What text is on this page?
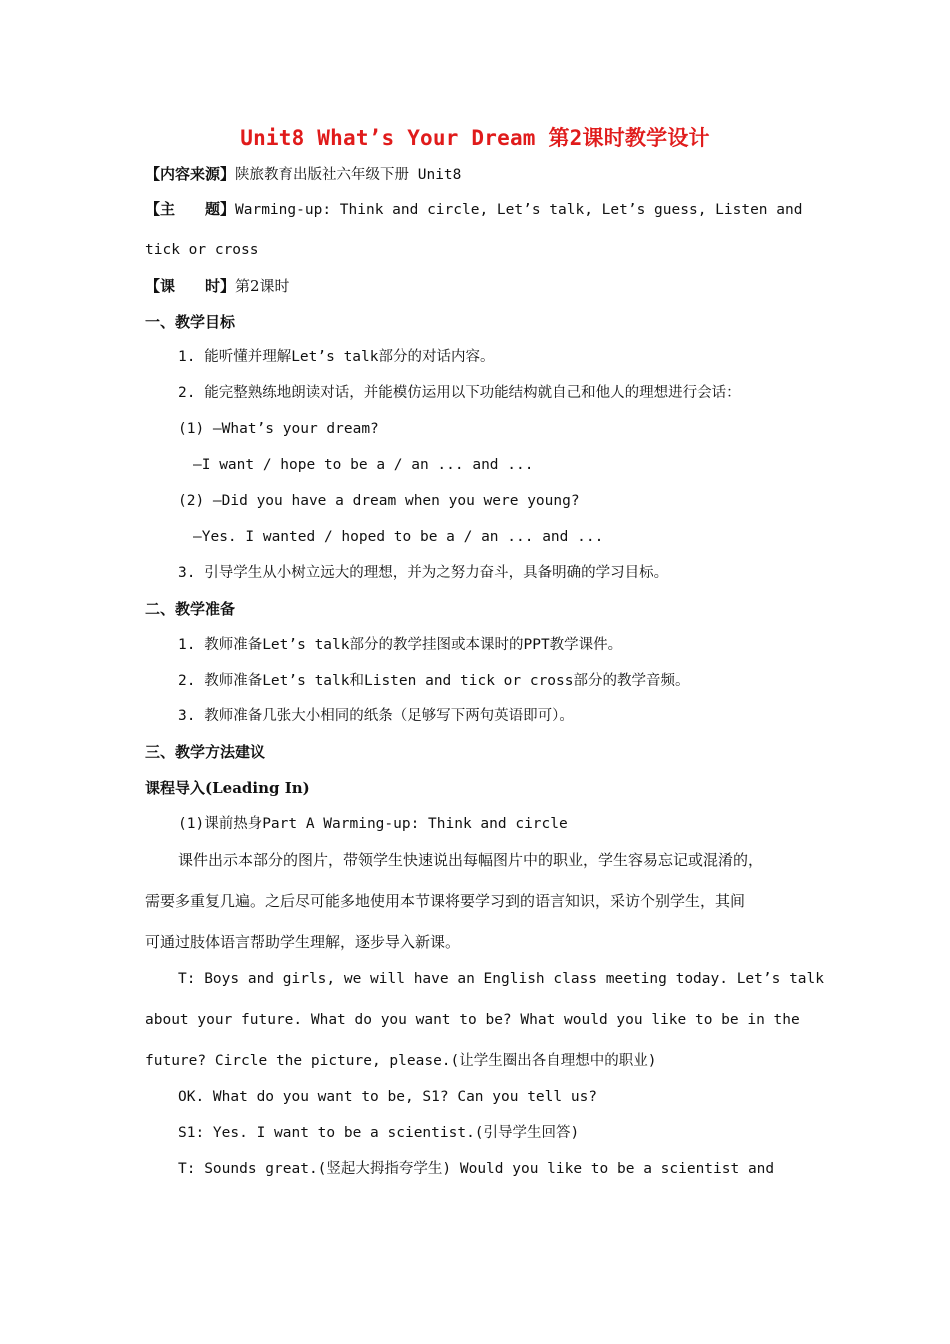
Unit8 What’s Your Dream 第2课时教学设计
【内容来源】陕旅教育出版社六年级下册 Unit8
【主　　题】Warming-up: Think and circle, Let’s talk, Let’s guess, Listen and
tick or cross
【课　　时】第2课时
一、教学目标
1. 能听懂并理解Let’s talk部分的对话内容。
2. 能完整熟练地朗读对话，并能模仿运用以下功能结构就自己和他人的理想进行会话：
(1) —What’s your dream?
—I want / hope to be a / an ... and ...
(2) —Did you have a dream when you were young?
—Yes. I wanted / hoped to be a / an ... and ...
3. 引导学生从小树立远大的理想，并为之努力奋斗，具备明确的学习目标。
二、教学准备
1. 教师准备Let’s talk部分的教学挂图或本课时的PPT教学课件。
2. 教师准备Let’s talk和Listen and tick or cross部分的教学音频。
3. 教师准备几张大小相同的纸条（足够写下两句英语即可）。
三、教学方法建议
课程导入(Leading In)
(1)课前热身Part A Warming-up: Think and circle
课件出示本部分的图片，带领学生快速说出每幅图片中的职业，学生容易忘记或混淆的，
需要多重复几遍。之后尽可能多地使用本节课将要学习到的语言知识，采访个别学生，其间
可通过肢体语言帮助学生理解，逐步导入新课。
T: Boys and girls, we will have an English class meeting today. Let’s talk
about your future. What do you want to be? What would you like to be in the
future? Circle the picture, please.(让学生圈出各自理想中的职业)
OK. What do you want to be, S1? Can you tell us?
S1: Yes. I want to be a scientist.(引导学生回答)
T: Sounds great.(竖起大拇指夸学生) Would you like to be a scientist and
